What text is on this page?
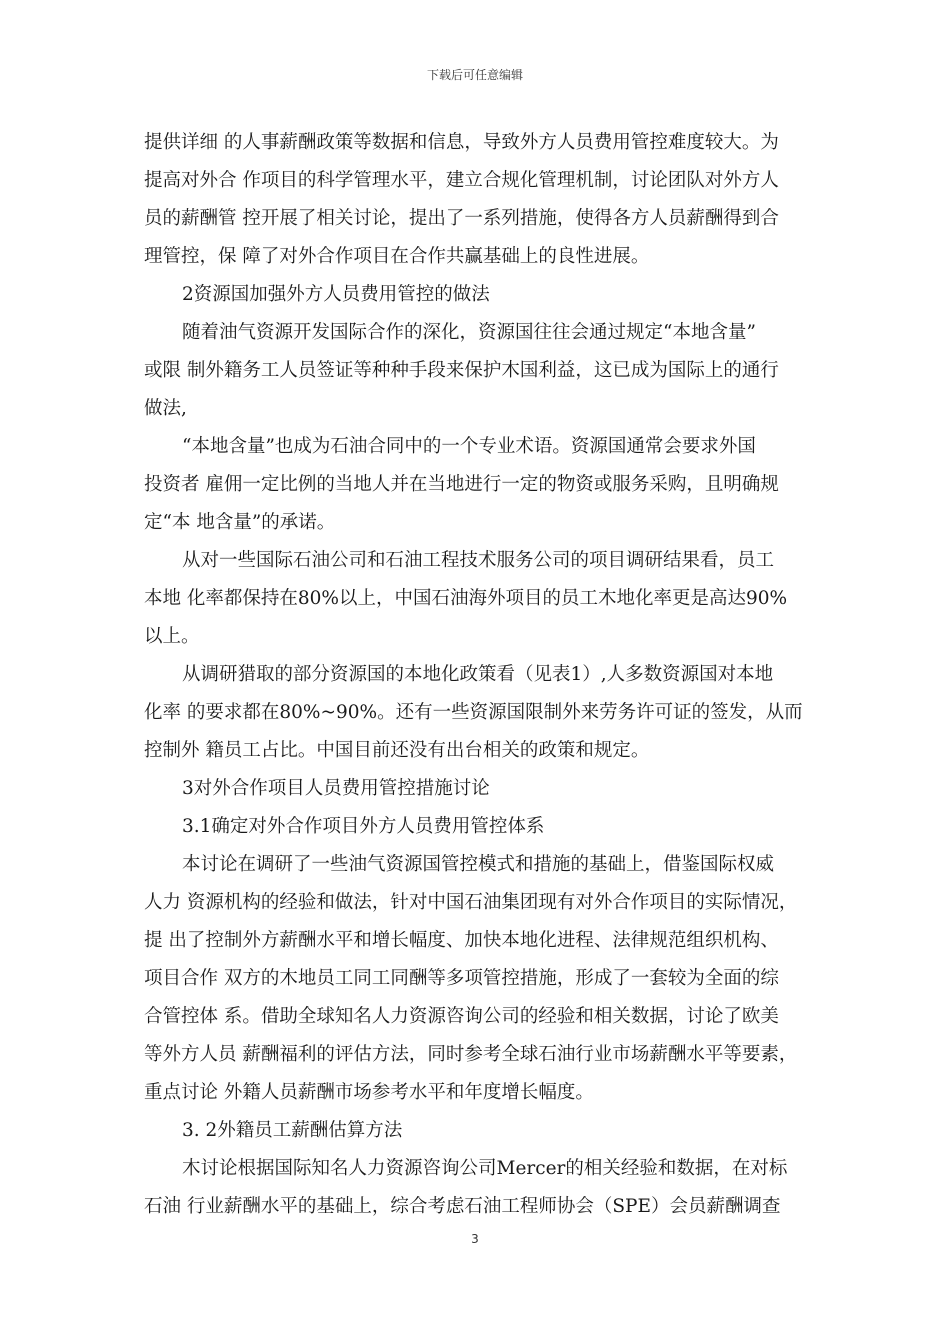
下载后可任意编辑
提供详细 的人事薪酬政策等数据和信息，导致外方人员费用管控难度较大。为
提高对外合 作项目的科学管理水平，建立合规化管理机制，讨论团队对外方人
员的薪酬管 控开展了相关讨论，提出了一系列措施，使得各方人员薪酬得到合
理管控，保 障了对外合作项目在合作共赢基础上的良性进展。
2资源国加强外方人员费用管控的做法
随着油气资源开发国际合作的深化，资源国往往会通过规定“本地含量”
或限 制外籍务工人员签证等种种手段来保护木国利益，这已成为国际上的通行
做法,
“本地含量”也成为石油合同中的一个专业术语。资源国通常会要求外国
投资者 雇佣一定比例的当地人并在当地进行一定的物资或服务采购，且明确规
定“本 地含量”的承诺。
从对一些国际石油公司和石油工程技术服务公司的项目调研结果看，员工
本地 化率都保持在80%以上，中国石油海外项目的员工木地化率更是高达90%
以上。
从调研猎取的部分资源国的本地化政策看（见表1）,人多数资源国对本地
化率 的要求都在80%~90%。还有一些资源国限制外来劳务许可证的签发，从而
控制外 籍员工占比。中国目前还没有出台相关的政策和规定。
3对外合作项目人员费用管控措施讨论
3.1确定对外合作项目外方人员费用管控体系
本讨论在调研了一些油气资源国管控模式和措施的基础上，借鉴国际权威
人力 资源机构的经验和做法，针对中国石油集团现有对外合作项目的实际情况，
提 出了控制外方薪酬水平和增长幅度、加快本地化进程、法律规范组织机构、
项目合作 双方的木地员工同工同酬等多项管控措施，形成了一套较为全面的综
合管控体 系。借助全球知名人力资源咨询公司的经验和相关数据，讨论了欧美
等外方人员 薪酬福利的评估方法，同时参考全球石油行业市场薪酬水平等要素，
重点讨论 外籍人员薪酬市场参考水平和年度增长幅度。
3. 2外籍员工薪酬估算方法
木讨论根据国际知名人力资源咨询公司Mercer的相关经验和数据，在对标
石油 行业薪酬水平的基础上，综合考虑石油工程师协会（SPE）会员薪酬调查
3
